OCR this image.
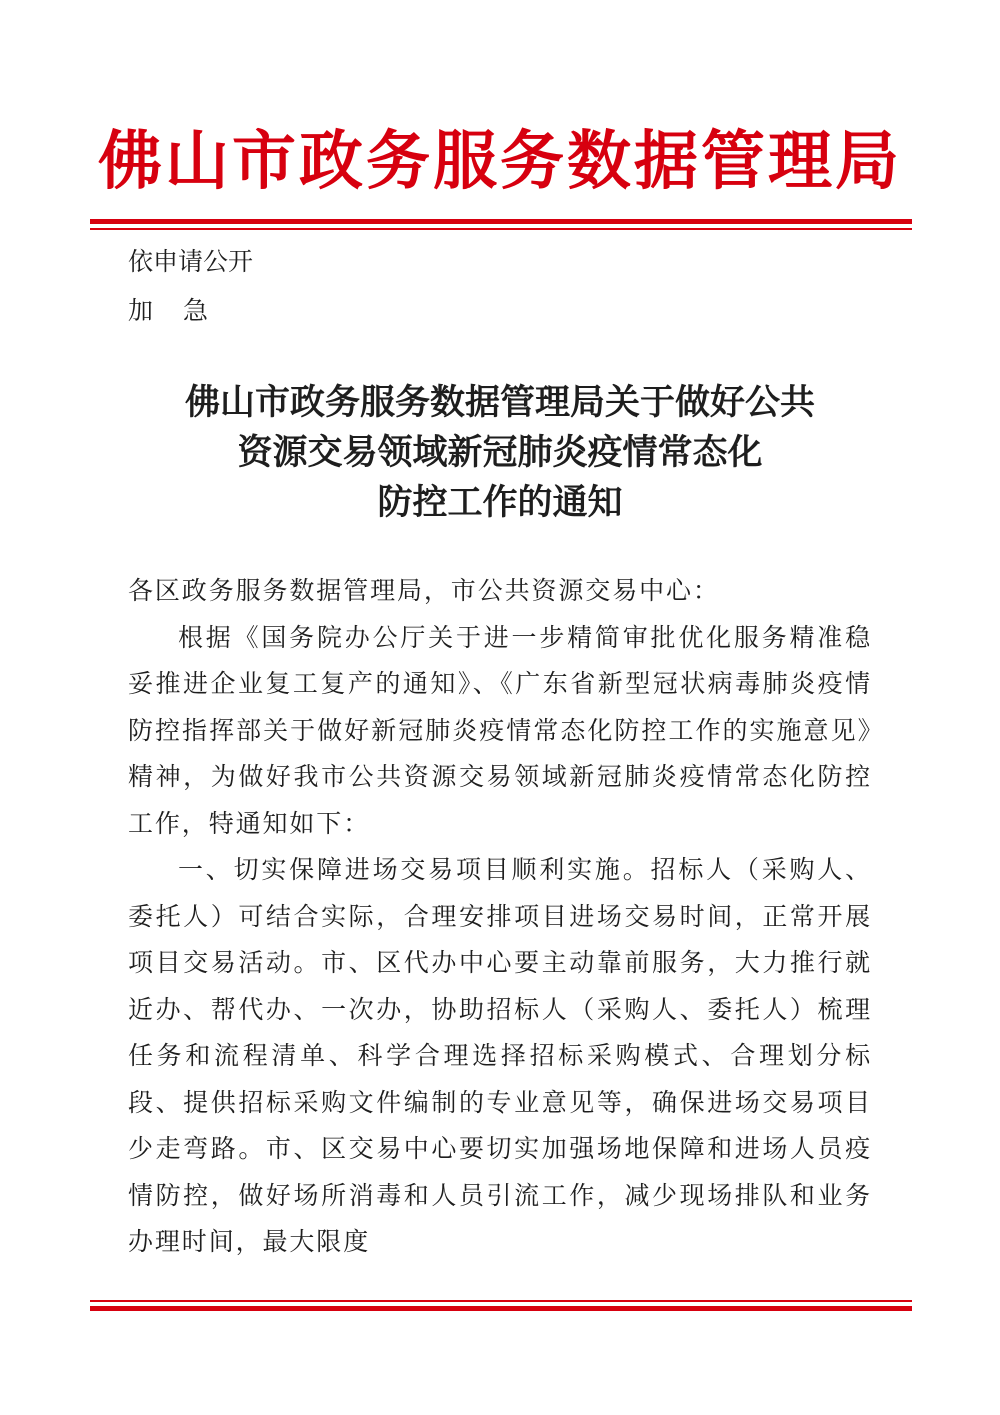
佛山市政务服务数据管理局
依申请公开
加 急
佛山市政务服务数据管理局关于做好公共
资源交易领域新冠肺炎疫情常态化
防控工作的通知

各区政务服务数据管理局，市公共资源交易中心：

根据《国务院办公厅关于进一步精简审批优化服务精准稳妥推进企业复工复产的通知》、《广东省新型冠状病毒肺炎疫情防控指挥部关于做好新冠肺炎疫情常态化防控工作的实施意见》精神，为做好我市公共资源交易领域新冠肺炎疫情常态化防控工作，特通知如下：

一、切实保障进场交易项目顺利实施。招标人（采购人、委托人）可结合实际，合理安排项目进场交易时间，正常开展项目交易活动。市、区代办中心要主动靠前服务，大力推行就近办、帮代办、一次办，协助招标人（采购人、委托人）梳理任务和流程清单、科学合理选择招标采购模式、合理划分标段、提供招标采购文件编制的专业意见等，确保进场交易项目少走弯路。市、区交易中心要切实加强场地保障和进场人员疫情防控，做好场所消毒和人员引流工作，减少现场排队和业务办理时间，最大限度
